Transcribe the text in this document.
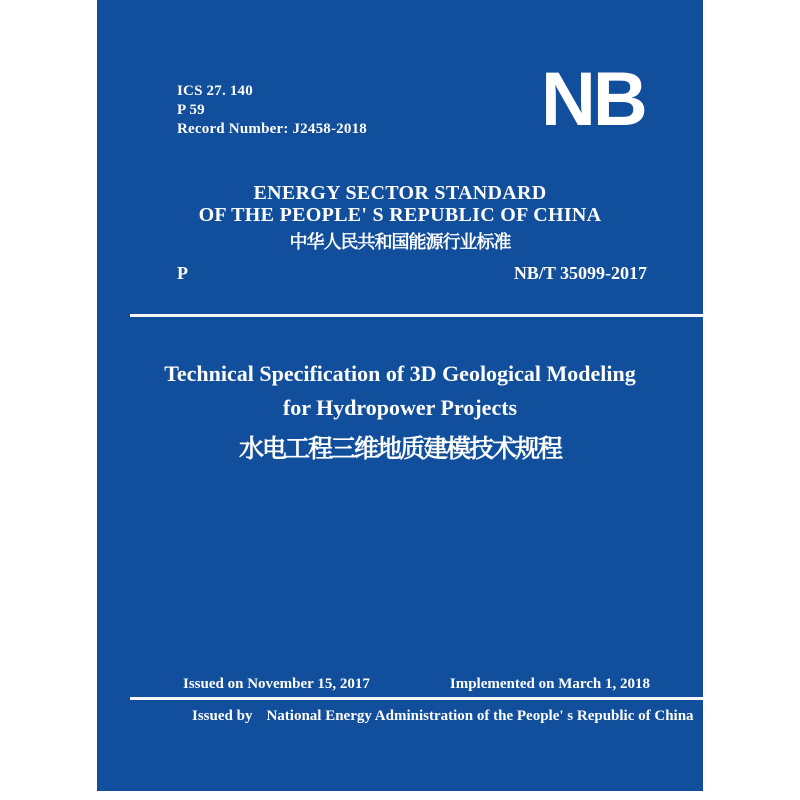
ICS 27. 140
P 59
Record Number: J2458-2018 NB
ENERGY SECTOR STANDARD
OF THE PEOPLE' S REPUBLIC OF CHINA
中华人民共和国能源行业标准
P	NB/T 35099-2017
Technical Specification of 3D Geological Modeling
for Hydropower Projects
水电工程三维地质建模技术规程
Issued on November 15, 2017	Implemented on March 1, 2018
Issued by National Energy Administration of the People' s Republic of China
